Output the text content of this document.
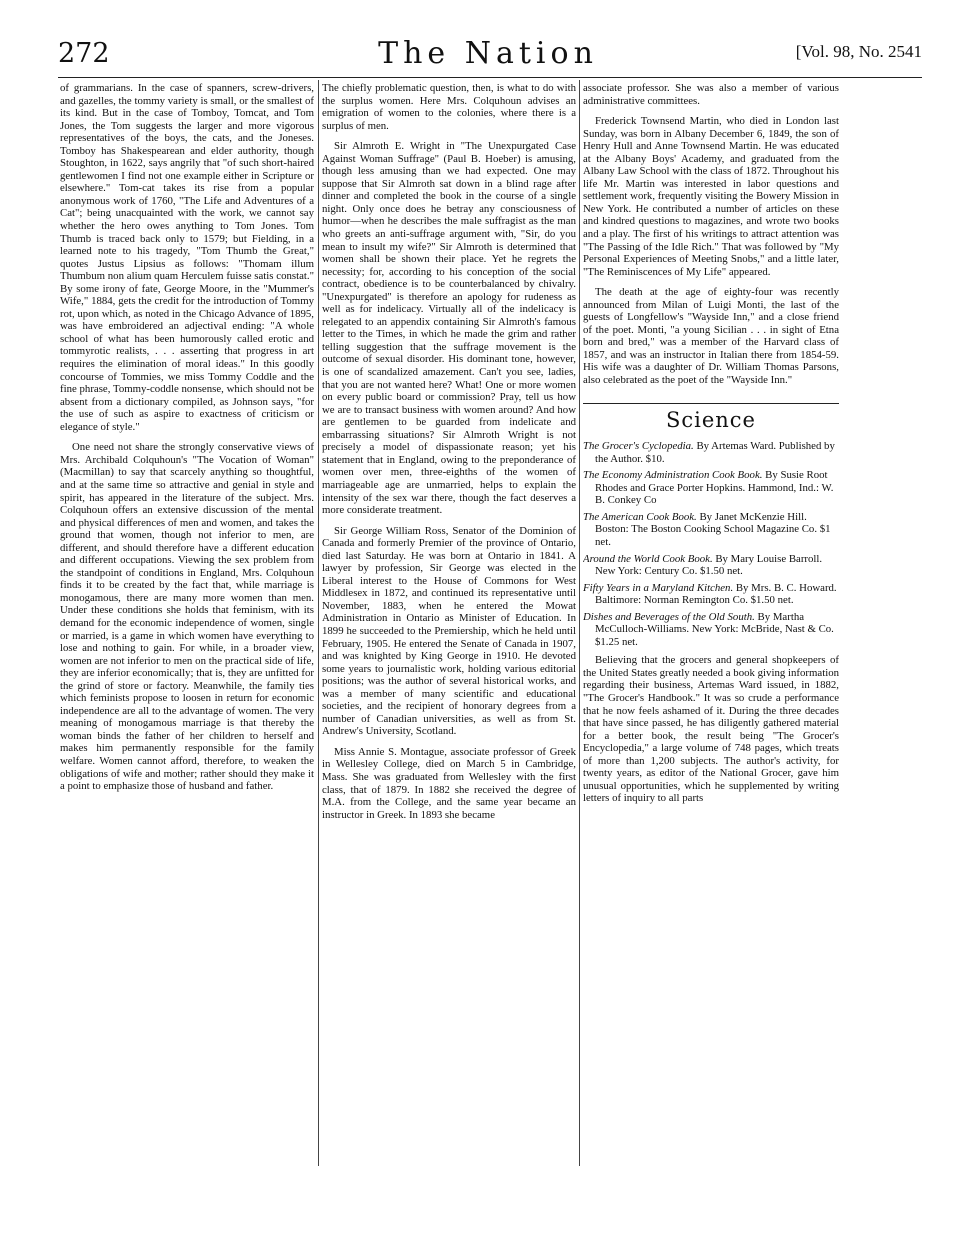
272	The Nation	[Vol. 98, No. 2541

of grammarians. In the case of spanners, screw-drivers, and gazelles, the tommy variety is small, or the smallest of its kind. But in the case of Tomboy, Tomcat, and Tom Jones, the Tom suggests the larger and more vigorous representatives of the boys, the cats, and the Joneses. Tomboy has Shakespearean and elder authority, though Stoughton, in 1622, says angrily that "of such short-haired gentlewomen I find not one example either in Scripture or elsewhere." Tom-cat takes its rise from a popular anonymous work of 1760, "The Life and Adventures of a Cat"; being unacquainted with the work, we cannot say whether the hero owes anything to Tom Jones. Tom Thumb is traced back only to 1579; but Fielding, in a learned note to his tragedy, "Tom Thumb the Great," quotes Justus Lipsius as follows: "Thomam illum Thumbum non alium quam Herculem fuisse satis constat." By some irony of fate, George Moore, in the "Mummer's Wife," 1884, gets the credit for the introduction of Tommy rot, upon which, as noted in the Chicago Advance of 1895, was have embroidered an adjectival ending: "A whole school of what has been humorously called erotic and tommyrotic realists, . . . asserting that progress in art requires the elimination of moral ideas." In this goodly concourse of Tommies, we miss Tommy Coddle and the fine phrase, Tommy-coddle nonsense, which should not be absent from a dictionary compiled, as Johnson says, "for the use of such as aspire to exactness of criticism or elegance of style."

One need not share the strongly conservative views of Mrs. Archibald Colquhoun's "The Vocation of Woman" (Macmillan) to say that scarcely anything so thoughtful, and at the same time so attractive and genial in style and spirit, has appeared in the literature of the subject. Mrs. Colquhoun offers an extensive discussion of the mental and physical differences of men and women, and takes the ground that women, though not inferior to men, are different, and should therefore have a different education and different occupations. Viewing the sex problem from the standpoint of conditions in England, Mrs. Colquhoun finds it to be created by the fact that, while marriage is monogamous, there are many more women than men. Under these conditions she holds that feminism, with its demand for the economic independence of women, single or married, is a game in which women have everything to lose and nothing to gain. For while, in a broader view, women are not inferior to men on the practical side of life, they are inferior economically; that is, they are unfitted for the grind of store or factory. Meanwhile, the family ties which feminists propose to loosen in return for economic independence are all to the advantage of women. The very meaning of monogamous marriage is that thereby the woman binds the father of her children to herself and makes him permanently responsible for the family welfare. Women cannot afford, therefore, to weaken the obligations of wife and mother; rather should they make it a point to emphasize those of husband and father.

The chiefly problematic question, then, is what to do with the surplus women. Here Mrs. Colquhoun advises an emigration of women to the colonies, where there is a surplus of men.

Sir Almroth E. Wright in "The Unexpurgated Case Against Woman Suffrage" (Paul B. Hoeber) is amusing, though less amusing than we had expected. One may suppose that Sir Almroth sat down in a blind rage after dinner and completed the book in the course of a single night. Only once does he betray any consciousness of humor—when he describes the male suffragist as the man who greets an anti-suffrage argument with, "Sir, do you mean to insult my wife?" Sir Almroth is determined that women shall be shown their place. Yet he regrets the necessity; for, according to his conception of the social contract, obedience is to be counterbalanced by chivalry. "Unexpurgated" is therefore an apology for rudeness as well as for indelicacy. Virtually all of the indelicacy is relegated to an appendix containing Sir Almroth's famous letter to the Times, in which he made the grim and rather telling suggestion that the suffrage movement is the outcome of sexual disorder. His dominant tone, however, is one of scandalized amazement. Can't you see, ladies, that you are not wanted here? What! One or more women on every public board or commission? Pray, tell us how we are to transact business with women around? And how are gentlemen to be guarded from indelicate and embarrassing situations? Sir Almroth Wright is not precisely a model of dispassionate reason; yet his statement that in England, owing to the preponderance of women over men, three-eighths of the women of marriageable age are unmarried, helps to explain the intensity of the sex war there, though the fact deserves a more considerate treatment.

Sir George William Ross, Senator of the Dominion of Canada and formerly Premier of the province of Ontario, died last Saturday. He was born at Ontario in 1841. A lawyer by profession, Sir George was elected in the Liberal interest to the House of Commons for West Middlesex in 1872, and continued its representative until November, 1883, when he entered the Mowat Administration in Ontario as Minister of Education. In 1899 he succeeded to the Premiership, which he held until February, 1905. He entered the Senate of Canada in 1907, and was knighted by King George in 1910. He devoted some years to journalistic work, holding various editorial positions; was the author of several historical works, and was a member of many scientific and educational societies, and the recipient of honorary degrees from a number of Canadian universities, as well as from St. Andrew's University, Scotland.

Miss Annie S. Montague, associate professor of Greek in Wellesley College, died on March 5 in Cambridge, Mass. She was graduated from Wellesley with the first class, that of 1879. In 1882 she received the degree of M.A. from the College, and the same year became an instructor in Greek. In 1893 she became

associate professor. She was also a member of various administrative committees.

Frederick Townsend Martin, who died in London last Sunday, was born in Albany December 6, 1849, the son of Henry Hull and Anne Townsend Martin. He was educated at the Albany Boys' Academy, and graduated from the Albany Law School with the class of 1872. Throughout his life Mr. Martin was interested in labor questions and settlement work, frequently visiting the Bowery Mission in New York. He contributed a number of articles on these and kindred questions to magazines, and wrote two books and a play. The first of his writings to attract attention was "The Passing of the Idle Rich." That was followed by "My Personal Experiences of Meeting Snobs," and a little later, "The Reminiscences of My Life" appeared.

The death at the age of eighty-four was recently announced from Milan of Luigi Monti, the last of the guests of Longfellow's "Wayside Inn," and a close friend of the poet. Monti, "a young Sicilian . . . in sight of Etna born and bred," was a member of the Harvard class of 1857, and was an instructor in Italian there from 1854-59. His wife was a daughter of Dr. William Thomas Parsons, also celebrated as the poet of the "Wayside Inn."

Science
The Grocer's Cyclopedia. By Artemas Ward. Published by the Author. $10.
The Economy Administration Cook Book. By Susie Root Rhodes and Grace Porter Hopkins. Hammond, Ind.: W. B. Conkey Co
The American Cook Book. By Janet McKenzie Hill. Boston: The Boston Cooking School Magazine Co. $1 net.
Around the World Cook Book. By Mary Louise Barroll. New York: Century Co. $1.50 net.
Fifty Years in a Maryland Kitchen. By Mrs. B. C. Howard. Baltimore: Norman Remington Co. $1.50 net.
Dishes and Beverages of the Old South. By Martha McCulloch-Williams. New York: McBride, Nast & Co. $1.25 net.

Believing that the grocers and general shopkeepers of the United States greatly needed a book giving information regarding their business, Artemas Ward issued, in 1882, "The Grocer's Handbook." It was so crude a performance that he now feels ashamed of it. During the three decades that have since passed, he has diligently gathered material for a better book, the result being "The Grocer's Encyclopedia," a large volume of 748 pages, which treats of more than 1,200 subjects. The author's activity, for twenty years, as editor of the National Grocer, gave him unusual opportunities, which he supplemented by writing letters of inquiry to all parts
